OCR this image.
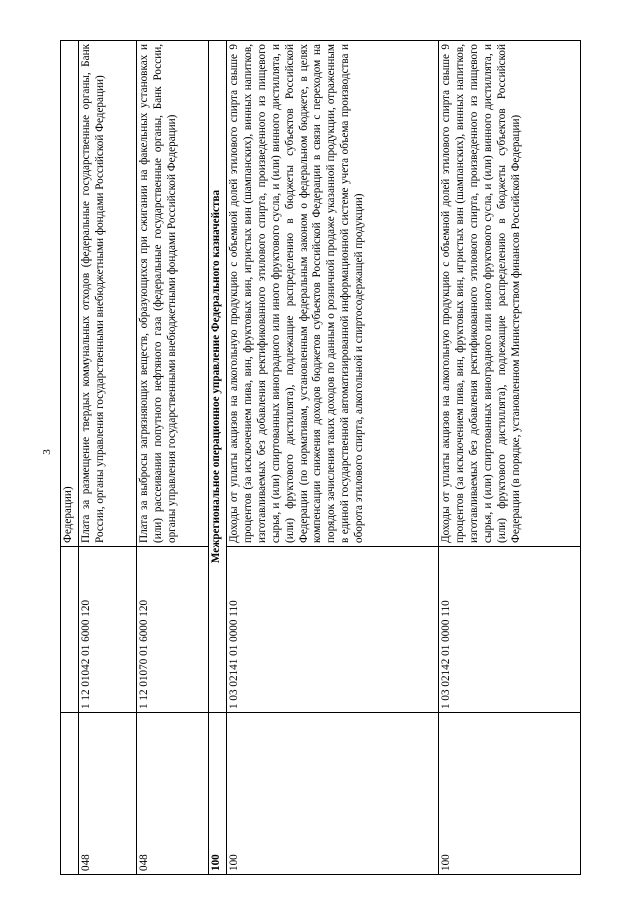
3
		Федерации)
048	1 12 01042 01 6000 120	Плата за размещение твердых коммунальных отходов (федеральные государственные органы, Банк России, органы управления государственными внебюджетными фондами Российской Федерации)
048	1 12 01070 01 6000 120	Плата за выбросы загрязняющих веществ, образующихся при сжигании на факельных установках и (или) рассеивании попутного нефтяного газа (федеральные государственные органы, Банк России, органы управления государственными внебюджетными фондами Российской Федерации)
100	Межрегиональное операционное управление Федерального казначейства	
100	1 03 02141 01 0000 110	Доходы от уплаты акцизов на алкогольную продукцию с объемной долей этилового спирта свыше 9 процентов (за исключением пива, вин, фруктовых вин, игристых вин (шампанских), винных напитков, изготавливаемых без добавления ректификованного этилового спирта, произведенного из пищевого сырья, и (или) спиртованных виноградного или иного фруктового сусла, и (или) винного дистиллята, и (или) фруктового дистиллята), подлежащие распределению в бюджеты субъектов Российской Федерации (по нормативам, установленным федеральным законом о федеральном бюджете, в целях компенсации снижения доходов бюджетов субъектов Российской Федерации в связи с переходом на порядок зачисления таких доходов по данным о розничной продаже указанной продукции, отраженным в единой государственной автоматизированной информационной системе учета объема производства и оборота этилового спирта, алкогольной и спиртосодержащей продукции)
100	1 03 02142 01 0000 110	Доходы от уплаты акцизов на алкогольную продукцию с объемной долей этилового спирта свыше 9 процентов (за исключением пива, вин, фруктовых вин, игристых вин (шампанских), винных напитков, изготавливаемых без добавления ректификованного этилового спирта, произведенного из пищевого сырья, и (или) спиртованных виноградного или иного фруктового сусла, и (или) винного дистиллята, и (или) фруктового дистиллята), подлежащие распределению в бюджеты субъектов Российской Федерации (в порядке, установленном Министерством финансов Российской Федерации)
